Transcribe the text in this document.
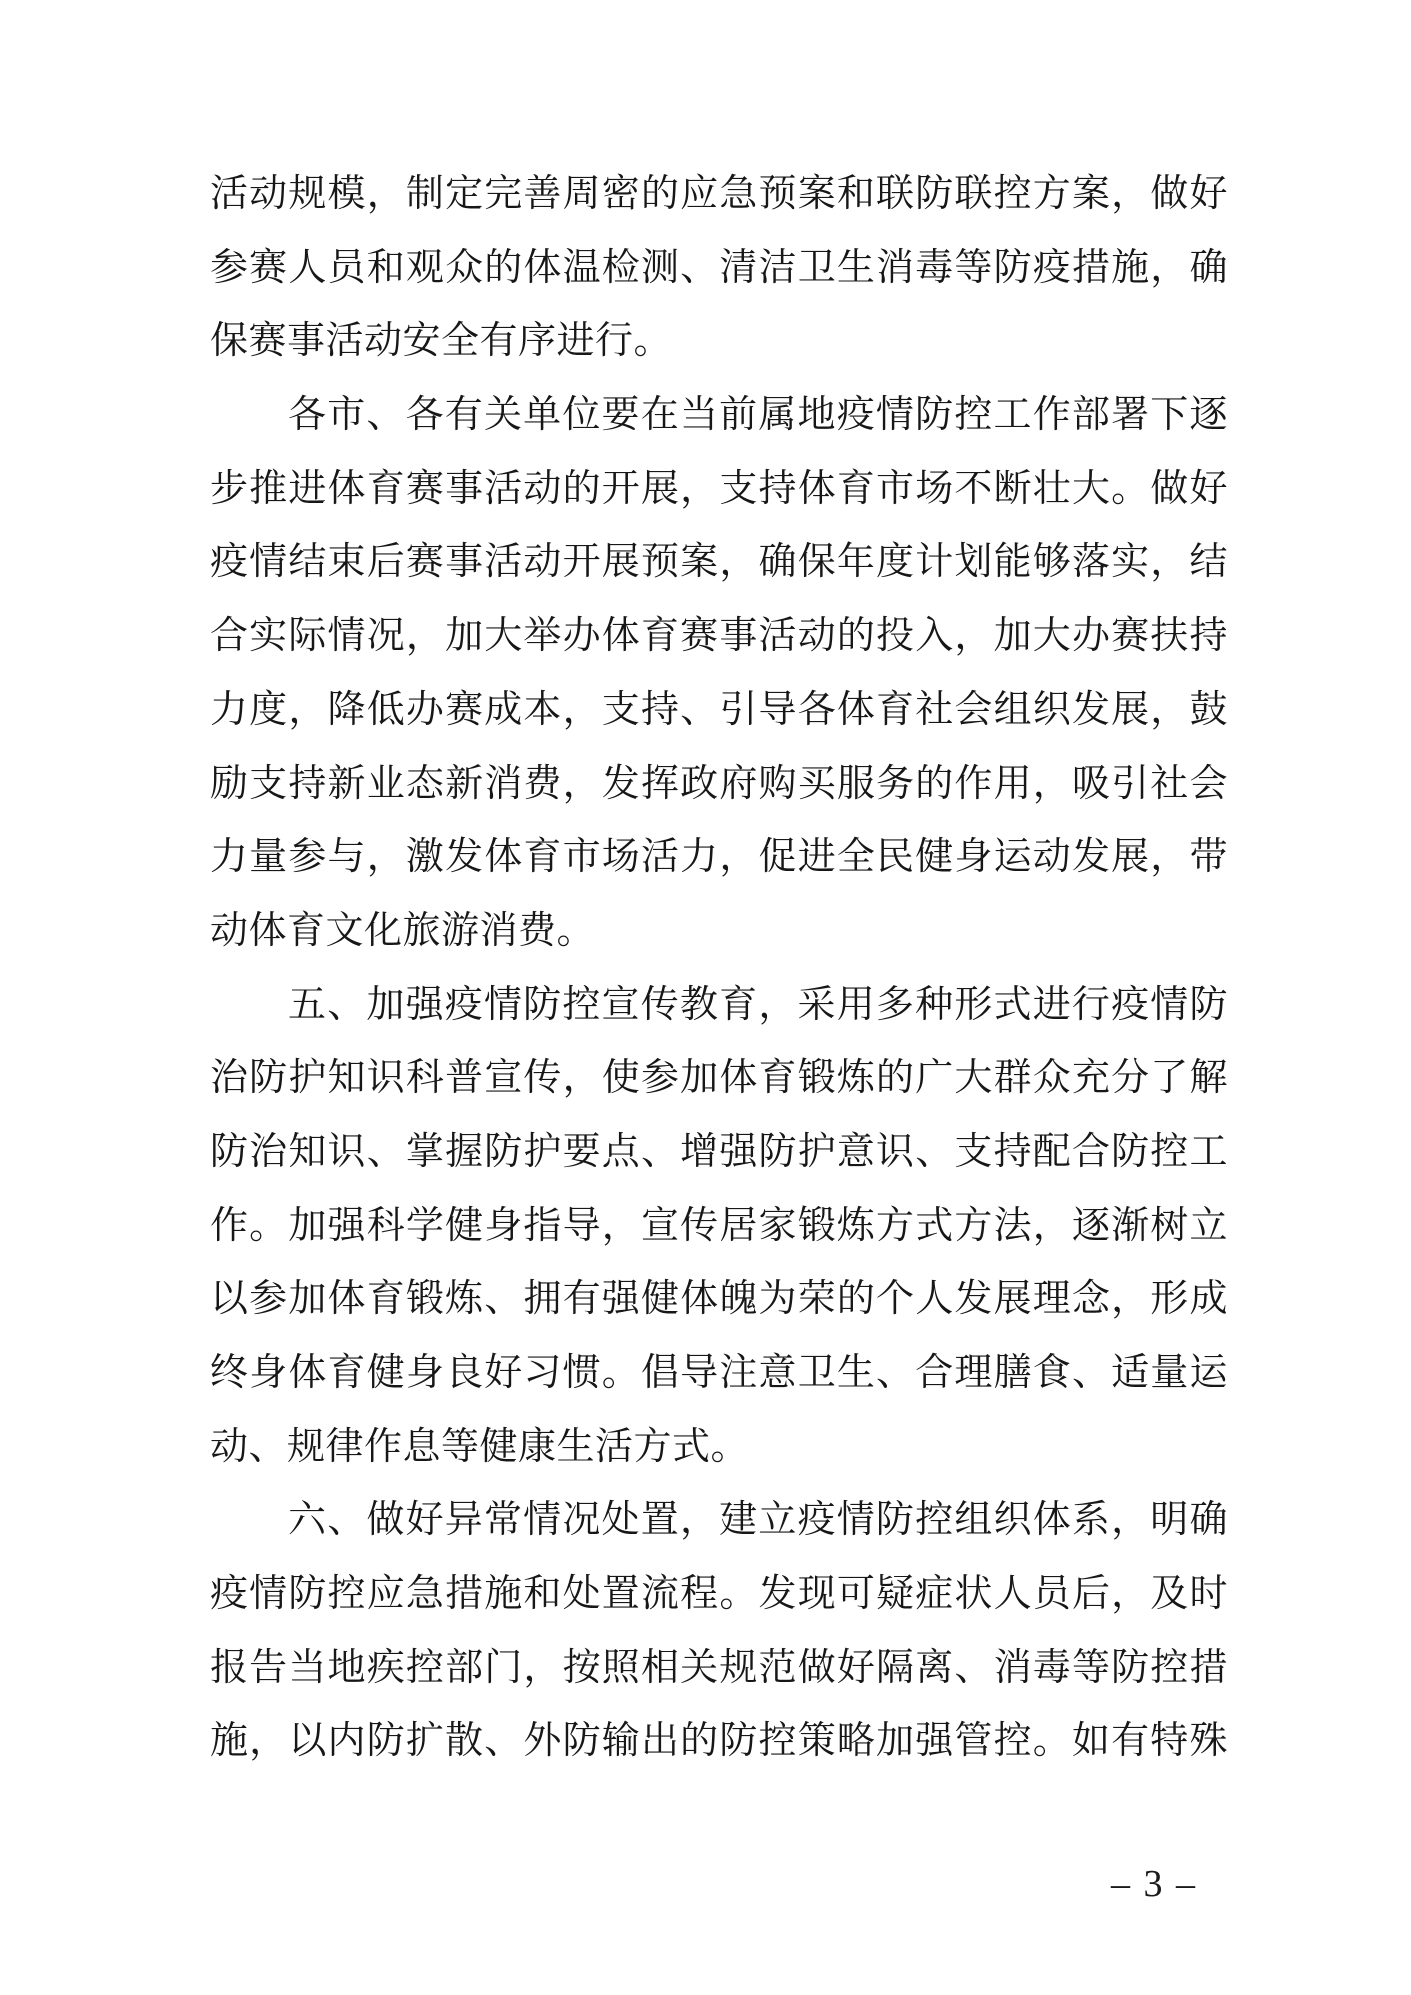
活动规模，制定完善周密的应急预案和联防联控方案，做好
参赛人员和观众的体温检测、清洁卫生消毒等防疫措施，确
保赛事活动安全有序进行。
各市、各有关单位要在当前属地疫情防控工作部署下逐
步推进体育赛事活动的开展，支持体育市场不断壮大。做好
疫情结束后赛事活动开展预案，确保年度计划能够落实，结
合实际情况，加大举办体育赛事活动的投入，加大办赛扶持
力度，降低办赛成本，支持、引导各体育社会组织发展，鼓
励支持新业态新消费，发挥政府购买服务的作用，吸引社会
力量参与，激发体育市场活力，促进全民健身运动发展，带
动体育文化旅游消费。
五、加强疫情防控宣传教育，采用多种形式进行疫情防
治防护知识科普宣传，使参加体育锻炼的广大群众充分了解
防治知识、掌握防护要点、增强防护意识、支持配合防控工
作。加强科学健身指导，宣传居家锻炼方式方法，逐渐树立
以参加体育锻炼、拥有强健体魄为荣的个人发展理念，形成
终身体育健身良好习惯。倡导注意卫生、合理膳食、适量运
动、规律作息等健康生活方式。
六、做好异常情况处置，建立疫情防控组织体系，明确
疫情防控应急措施和处置流程。发现可疑症状人员后，及时
报告当地疾控部门，按照相关规范做好隔离、消毒等防控措
施，以内防扩散、外防输出的防控策略加强管控。如有特殊
– 3 –
